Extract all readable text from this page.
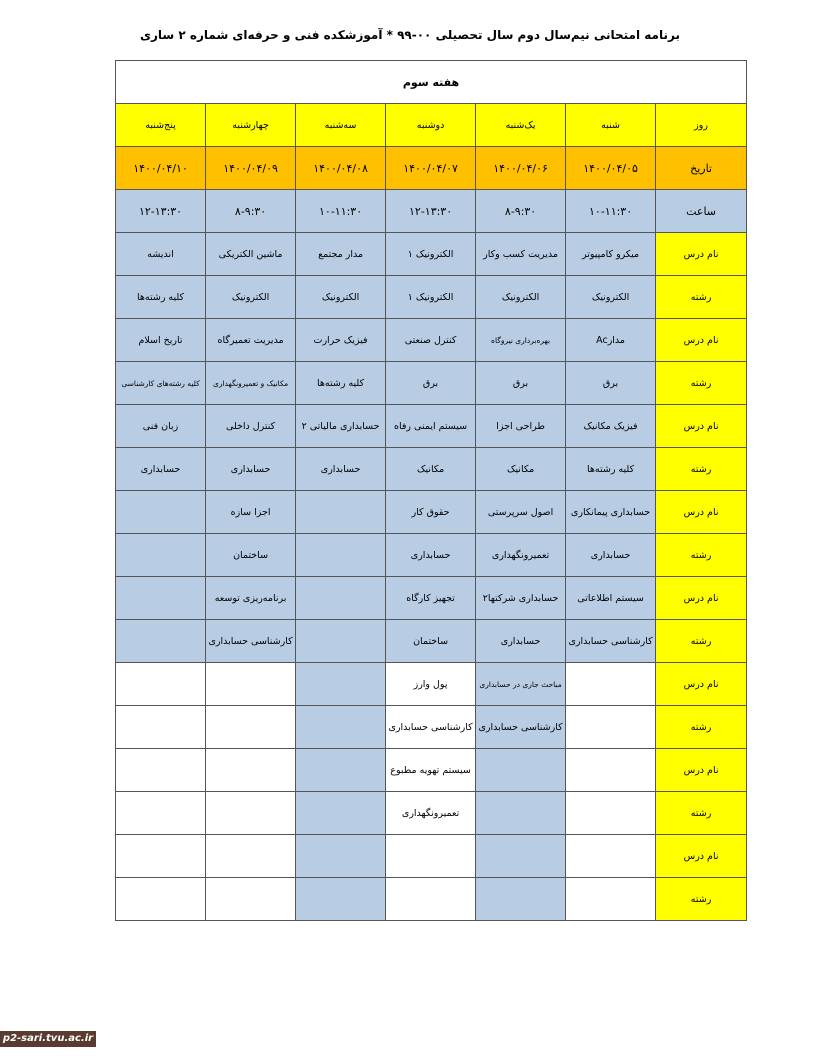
برنامه امتحانی نیم‌سال دوم سال تحصیلی ۰۰-۹۹ * آموزشکده فنی و حرفه‌ای شماره ۲ ساری
هفته سوم						
روز	شنبه	یک‌شنبه	دوشنبه	سه‌شنبه	چهارشنبه	پنج‌شنبه
تاریخ	۱۴۰۰/۰۴/۰۵	۱۴۰۰/۰۴/۰۶	۱۴۰۰/۰۴/۰۷	۱۴۰۰/۰۴/۰۸	۱۴۰۰/۰۴/۰۹	۱۴۰۰/۰۴/۱۰
ساعت	۱۰-۱۱:۳۰	۸-۹:۳۰	۱۲-۱۳:۳۰	۱۰-۱۱:۳۰	۸-۹:۳۰	۱۲-۱۳:۳۰
نام درس	میکرو کامپیوتر	مدیریت کسب وکار	الکترونیک ۱	مدار مجتمع	ماشین الکتریکی	اندیشه
رشته	الکترونیک	الکترونیک	الکترونیک ۱	الکترونیک	الکترونیک	کلیه رشته‌ها
نام درس	مدارAc	بهره‌برداری نیروگاه	کنترل صنعتی	فیزیک حرارت	مدیریت تعمیرگاه	تاریخ اسلام
رشته	برق	برق	برق	کلیه رشته‌ها	مکانیک و تعمیرونگهداری	کلیه رشته‌های کارشناسی
نام درس	فیزیک مکانیک	طراحی اجزا	سیستم ایمنی رفاه	حسابداری مالیاتی ۲	کنترل داخلی	زبان فنی
رشته	کلیه رشته‌ها	مکانیک	مکانیک	حسابداری	حسابداری	حسابداری
نام درس	حسابداری پیمانکاری	اصول سرپرستی	حقوق کار		اجزا سازه	
رشته	حسابداری	تعمیرونگهداری	حسابداری		ساختمان	
نام درس	سیستم اطلاعاتی	حسابداری شرکتها۲	تجهیز کارگاه		برنامه‌ریزی توسعه	
رشته	کارشناسی حسابداری	حسابداری	ساختمان		کارشناسی حسابداری	
نام درس		مباحث جاری در حسابداری	پول وارز			
رشته		کارشناسی حسابداری	کارشناسی حسابداری			
نام درس			سیستم تهویه مطبوع			
رشته			تعمیرونگهداری			
نام درس						
رشته						
p2-sari.tvu.ac.ir
